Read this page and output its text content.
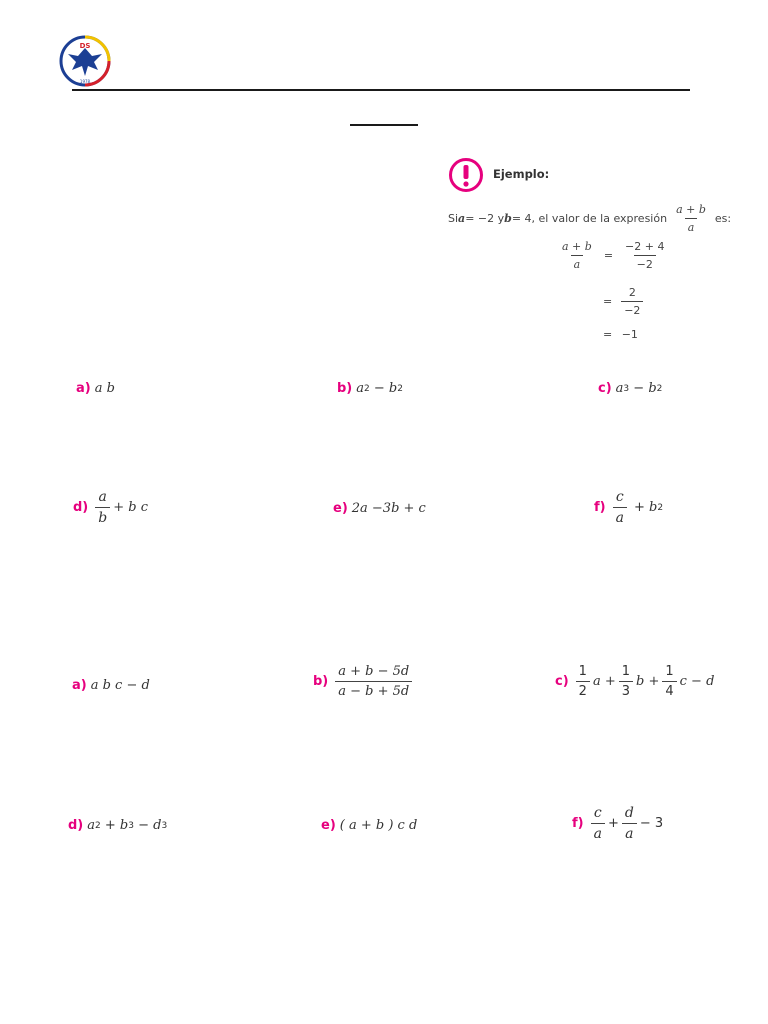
DS
1978
Ejemplo:
Si a = −2 y b = 4, el valor de la expresión $\frac{a + b}{a}$ es:
$\frac{a + b}{a} = \frac{-2 + 4}{-2}$
= $\frac{2}{-2}$
= −1
a) a b	b) a 2 − b 2	c) a 3 − b 2
$d) \frac{a}{b} + b$ c	e) 2a −3b + c	$f) \frac{c}{a} + b$ 2
a) a b c − d	$b) \frac{a + b - 5d}{a - b + 5d}$	$c) \frac{1}{2}$ $a + \frac{1}{3}$ $b + \frac{1}{4}$ c − d
d) a 2 + b 3 − d 3	e) ( a + b ) c d	$f) \frac{c}{a} + \frac{d}{a} - 3$
